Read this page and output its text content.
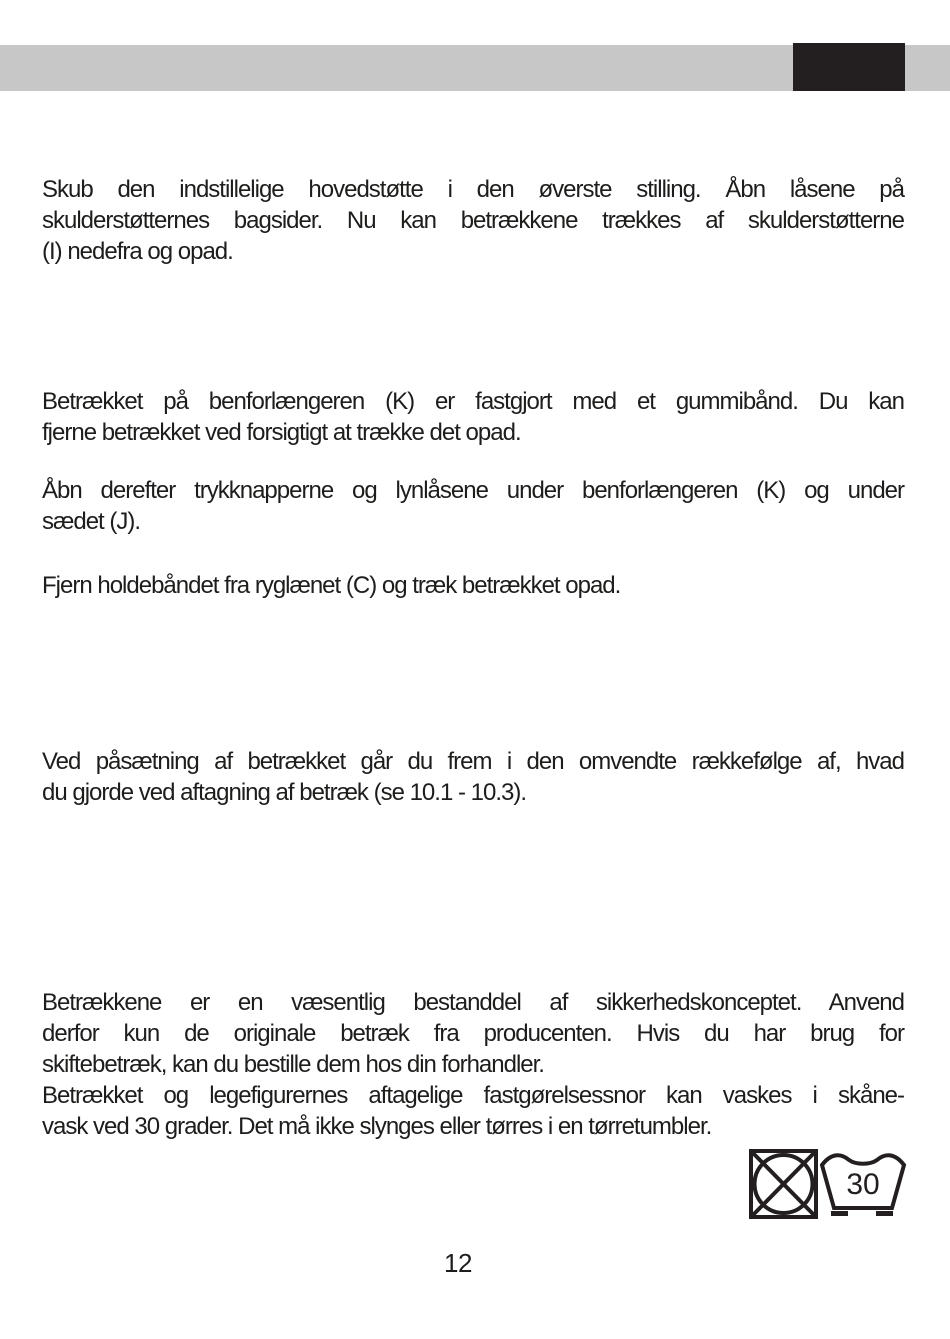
Skub den indstillelige hovedstøtte i den øverste stilling. Åbn låsene på
skulderstøtternes bagsider. Nu kan betrækkene trækkes af skulderstøtterne
(I) nedefra og opad.
Betrækket på benforlængeren (K) er fastgjort med et gummibånd. Du kan
fjerne betrækket ved forsigtigt at trække det opad.
Åbn derefter trykknapperne og lynlåsene under benforlængeren (K) og under
sædet (J).
Fjern holdebåndet fra ryglænet (C) og træk betrækket opad.
Ved påsætning af betrækket går du frem i den omvendte rækkefølge af, hvad
du gjorde ved aftagning af betræk (se 10.1 - 10.3).
Betrækkene er en væsentlig bestanddel af sikkerhedskonceptet. Anvend
derfor kun de originale betræk fra producenten. Hvis du har brug for
skiftebetræk, kan du bestille dem hos din forhandler.
Betrækket og legefigurernes aftagelige fastgørelsessnor kan vaskes i skåne-
vask ved 30 grader. Det må ikke slynges eller tørres i en tørretumbler.
30
12
